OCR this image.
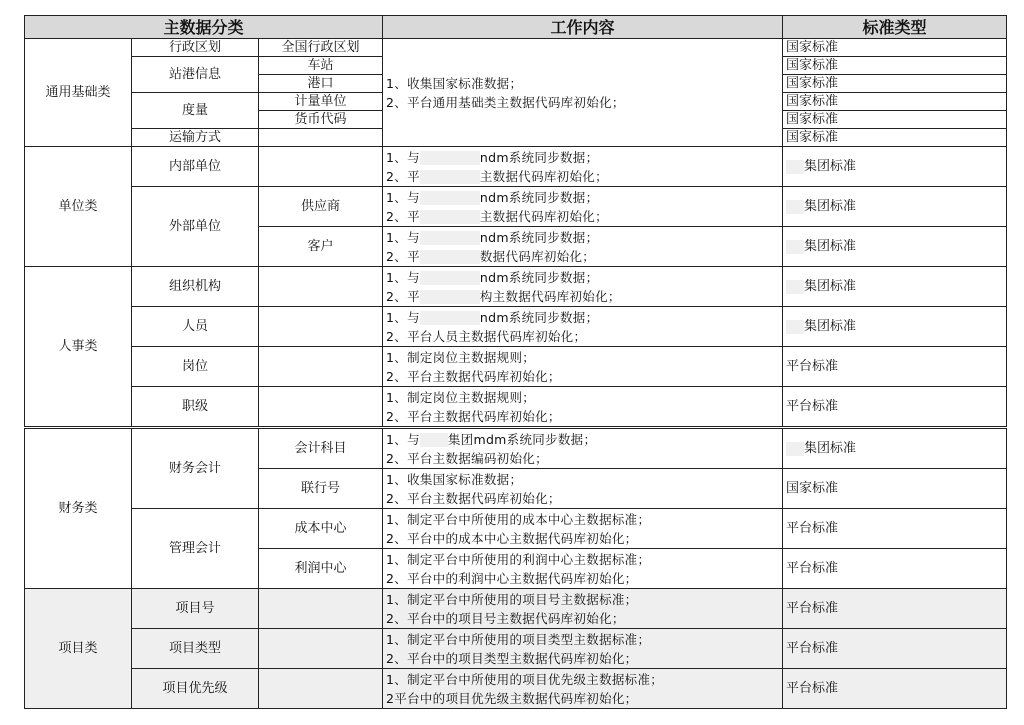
主数据分类			工作内容	标准类型
通用基础类	行政区划	全国行政区划	1、收集国家标准数据；
2、平台通用基础类主数据代码库初始化；	国家标准
	站港信息	车站		国家标准
		港口		国家标准
	度量	计量单位		国家标准
		货币代码		国家标准
	运输方式			国家标准
单位类	内部单位		1、与 ndm系统同步数据；
2、平 主数据代码库初始化；	集团标准
	外部单位	供应商	1、与 ndm系统同步数据；
2、平 主数据代码库初始化；	集团标准
		客户	1、与 ndm系统同步数据；
2、平 数据代码库初始化；	集团标准
人事类	组织机构		1、与 ndm系统同步数据；
2、平 构主数据代码库初始化；	集团标准
	人员		1、与 ndm系统同步数据；
2、平台人员主数据代码库初始化；	集团标准
	岗位		1、制定岗位主数据规则；
2、平台主数据代码库初始化；	平台标准
	职级		1、制定岗位主数据规则；
2、平台主数据代码库初始化；	平台标准
财务类	财务会计	会计科目	1、与 集团mdm系统同步数据；
2、平台主数据编码初始化；	集团标准
		联行号	1、收集国家标准数据；
2、平台主数据代码库初始化；	国家标准
	管理会计	成本中心	1、制定平台中所使用的成本中心主数据标准；
2、平台中的成本中心主数据代码库初始化；	平台标准
		利润中心	1、制定平台中所使用的利润中心主数据标准；
2、平台中的利润中心主数据代码库初始化；	平台标准
项目类	项目号		1、制定平台中所使用的项目号主数据标准；
2、平台中的项目号主数据代码库初始化；	平台标准
	项目类型		1、制定平台中所使用的项目类型主数据标准；
2、平台中的项目类型主数据代码库初始化；	平台标准
	项目优先级		1、制定平台中所使用的项目优先级主数据标准；
2平台中的项目优先级主数据代码库初始化；	平台标准
